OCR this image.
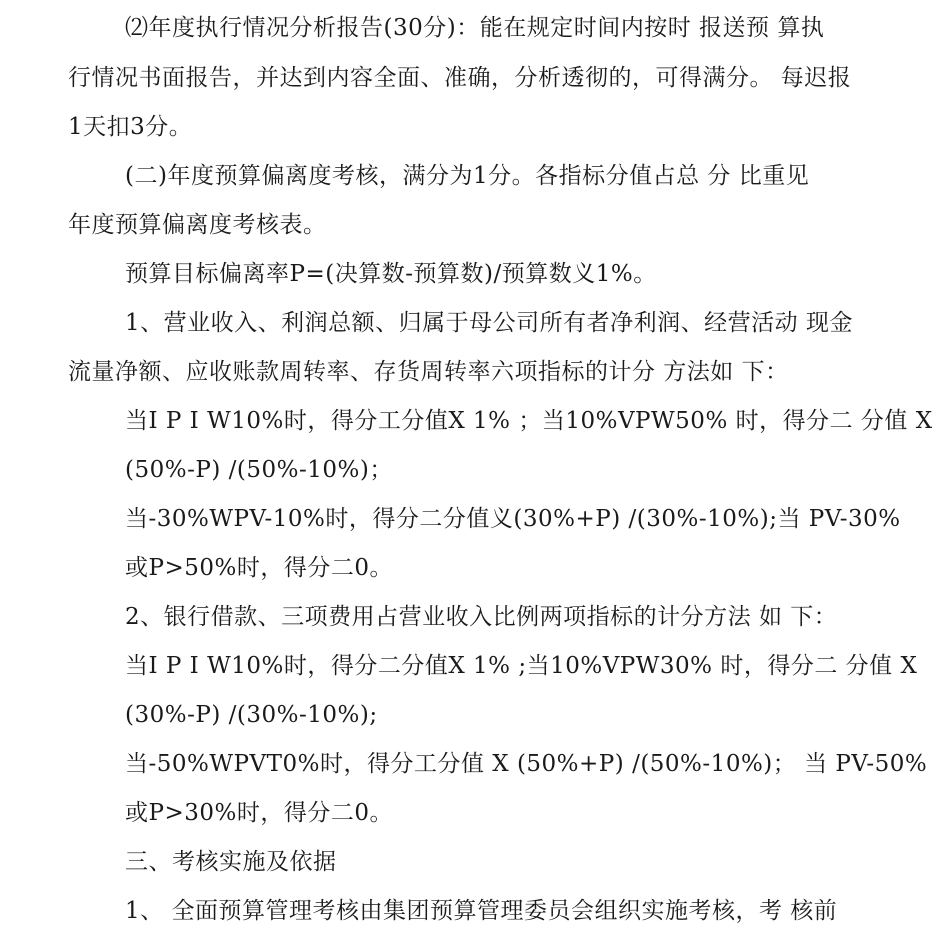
⑵年度执行情况分析报告(30分)：能在规定时间内按时 报送预 算执
行情况书面报告，并达到内容全面、准确，分析透彻的，可得满分。 每迟报
1天扣3分。
(二)年度预算偏离度考核，满分为1分。各指标分值占总 分 比重见
年度预算偏离度考核表。
预算目标偏离率P=(决算数-预算数)/预算数义1%。
1、营业收入、利润总额、归属于母公司所有者净利润、经营活动 现金
流量净额、应收账款周转率、存货周转率六项指标的计分 方法如 下：
当I P I W10%时，得分工分值X 1% ；当10%VPW50% 时，得分二 分值 X
(50%-P) /(50%-10%)；
当-30%WPV-10%时，得分二分值义(30%+P) /(30%-10%);当 PV-30%
或P>50%时，得分二0。
2、银行借款、三项费用占营业收入比例两项指标的计分方法 如 下：
当I P I W10%时，得分二分值X 1% ;当10%VPW30% 时，得分二 分值 X
(30%-P) /(30%-10%);
当-50%WPVT0%时，得分工分值 X (50%+P) /(50%-10%)； 当 PV-50%
或P>30%时，得分二0。
三、考核实施及依据
1、 全面预算管理考核由集团预算管理委员会组织实施考核，考 核前
